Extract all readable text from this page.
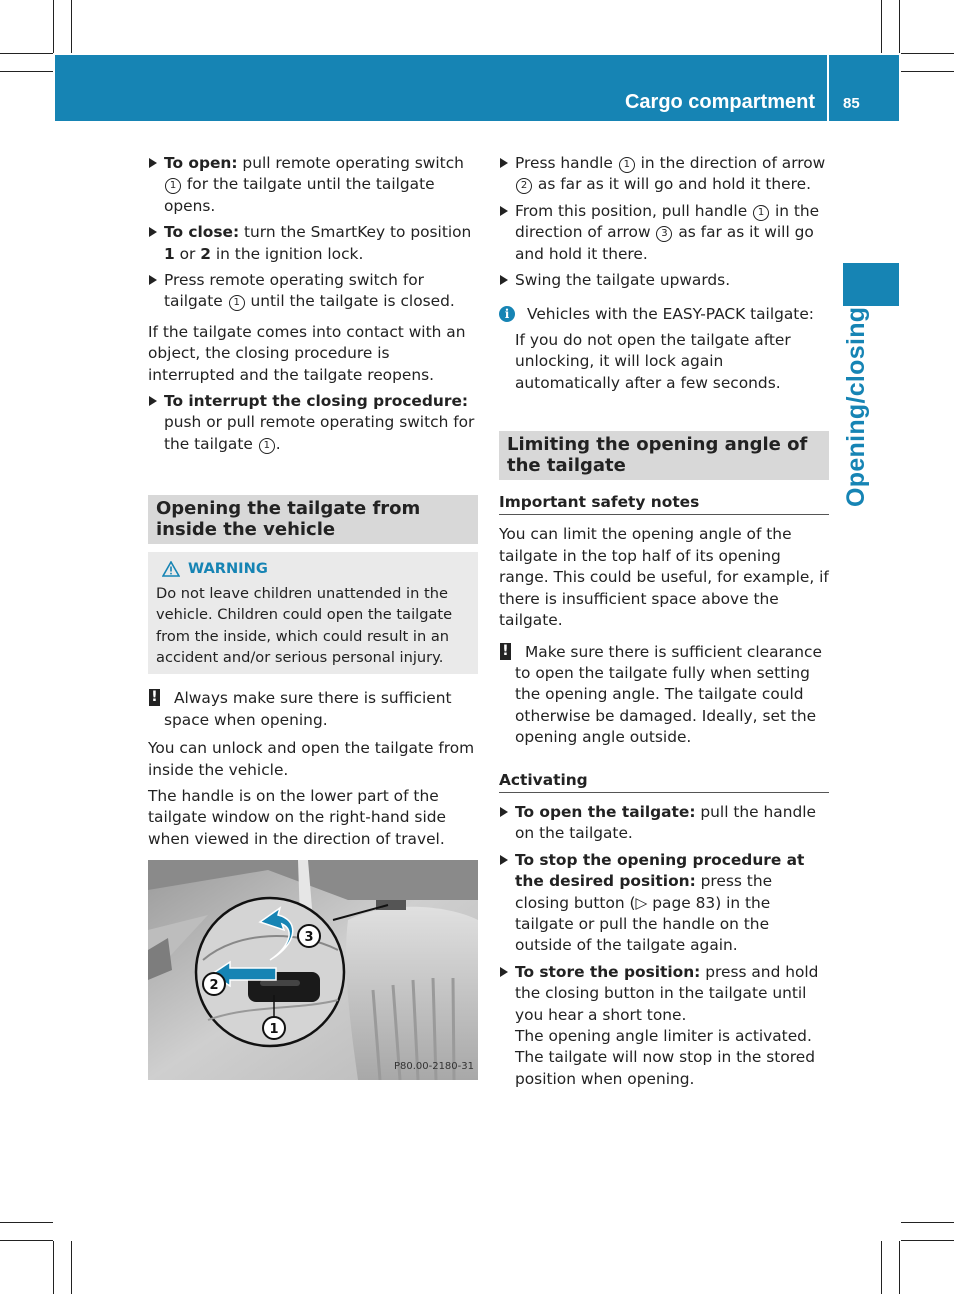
Cargo compartment 85
Opening/closing
To open: pull remote operating switch 1 for the tailgate until the tailgate opens.
To close: turn the SmartKey to position 1 or 2 in the ignition lock.
Press remote operating switch for tailgate 1 until the tailgate is closed.

If the tailgate comes into contact with an object, the closing procedure is interrupted and the tailgate reopens.

To interrupt the closing procedure: push or pull remote operating switch for the tailgate 1 .
Opening the tailgate from inside the vehicle
WARNING

Do not leave children unattended in the vehicle. Children could open the tailgate from the inside, which could result in an accident and/or serious personal injury.

! Always make sure there is sufficient space when opening.

You can unlock and open the tailgate from inside the vehicle.

The handle is on the lower part of the tailgate window on the right-hand side when viewed in the direction of travel.

1
2
3
P80.00-2180-31
Press handle 1 in the direction of arrow 2 as far as it will go and hold it there.
From this position, pull handle 1 in the direction of arrow 3 as far as it will go and hold it there.
Swing the tailgate upwards.
i	Vehicles with the EASY-PACK tailgate:

If you do not open the tailgate after unlocking, it will lock again automatically after a few seconds.

Limiting the opening angle of the tailgate
Important safety notes

You can limit the opening angle of the tailgate in the top half of its opening range. This could be useful, for example, if there is insufficient space above the tailgate.

! Make sure there is sufficient clearance to open the tailgate fully when setting the opening angle. The tailgate could otherwise be damaged. Ideally, set the opening angle outside.
Activating
To open the tailgate: pull the handle on the tailgate.
To stop the opening procedure at the desired position: press the closing button (▷ page 83) in the tailgate or pull the handle on the outside of the tailgate again.
To store the position: press and hold the closing button in the tailgate until you hear a short tone.

The opening angle limiter is activated. The tailgate will now stop in the stored position when opening.
